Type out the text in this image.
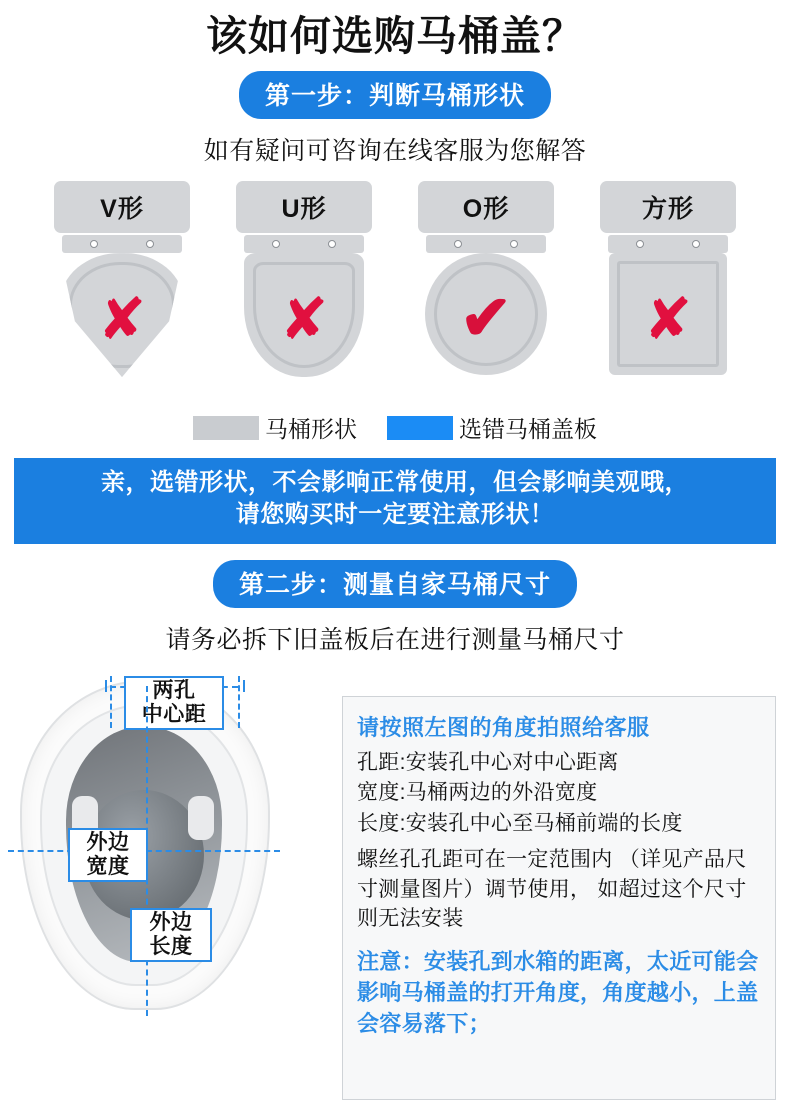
该如何选购马桶盖？
第一步：判断马桶形状
如有疑问可咨询在线客服为您解答
V形
✘
U形
✘
O形
✔
方形
✘
马桶形状	选错马桶盖板
亲，选错形状，不会影响正常使用，但会影响美观哦，
请您购买时一定要注意形状！
第二步：测量自家马桶尺寸
请务必拆下旧盖板后在进行测量马桶尺寸
两孔
中心距
外边
宽度
外边
长度
请按照左图的角度拍照给客服
孔距:安装孔中心对中心距离
宽度:马桶两边的外沿宽度
长度:安装孔中心至马桶前端的长度
螺丝孔孔距可在一定范围内 （详见产品尺寸测量图片）调节使用， 如超过这个尺寸则无法安装
注意：安装孔到水箱的距离，太近可能会影响马桶盖的打开角度，角度越小，上盖会容易落下；
